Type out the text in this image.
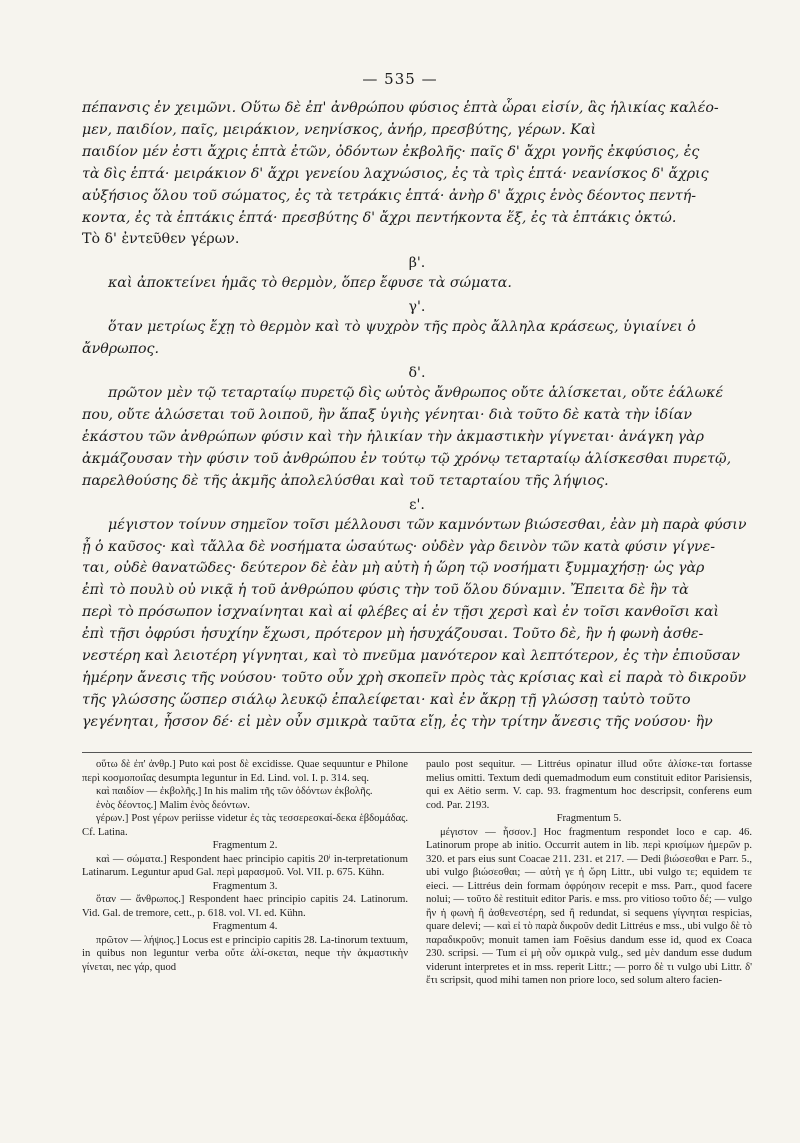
— 535 —

πέπανσις ἐν χειμῶνι. Οὕτω δὲ ἐπ' ἀνθρώπου φύσιος ἑπτὰ ὧραι εἰσίν, ἃς ἡλικίας καλέο-

μεν, παιδίον, παῖς, μειράκιον, νεηνίσκος, ἀνήρ, πρεσβύτης, γέρων. Καὶ

παιδίον μέν ἐστι ἄχρις ἑπτὰ ἐτῶν, ὀδόντων ἐκβολῆς· παῖς δ' ἄχρι γονῆς ἐκφύσιος, ἐς

τὰ δὶς ἑπτά· μειράκιον δ' ἄχρι γενείου λαχνώσιος, ἐς τὰ τρὶς ἑπτά· νεανίσκος δ' ἄχρις

αὐξήσιος ὅλου τοῦ σώματος, ἐς τὰ τετράκις ἑπτά· ἀνὴρ δ' ἄχρις ἑνὸς δέοντος πεντή-

κοντα, ἐς τὰ ἑπτάκις ἑπτά· πρεσβύτης δ' ἄχρι πεντήκοντα ἕξ, ἐς τὰ ἑπτάκις ὀκτώ.

Τὸ δ' ἐντεῦθεν γέρων.

β'.

καὶ ἀποκτείνει ἡμᾶς τὸ θερμὸν, ὅπερ ἔφυσε τὰ σώματα.

γ'.

ὅταν μετρίως ἔχῃ τὸ θερμὸν καὶ τὸ ψυχρὸν τῆς πρὸς ἄλληλα κράσεως, ὑγιαίνει ὁ

ἄνθρωπος.

δ'.

πρῶτον μὲν τῷ τεταρταίῳ πυρετῷ δὶς ωὑτὸς ἄνθρωπος οὔτε ἁλίσκεται, οὔτε ἑάλωκέ

που, οὔτε ἁλώσεται τοῦ λοιποῦ, ἢν ἅπαξ ὑγιὴς γένηται· διὰ τοῦτο δὲ κατὰ τὴν ἰδίαν

ἑκάστου τῶν ἀνθρώπων φύσιν καὶ τὴν ἡλικίαν τὴν ἀκμαστικὴν γίγνεται· ἀνάγκη γὰρ

ἀκμάζουσαν τὴν φύσιν τοῦ ἀνθρώπου ἐν τούτῳ τῷ χρόνῳ τεταρταίῳ ἁλίσκεσθαι πυρετῷ,

παρελθούσης δὲ τῆς ἀκμῆς ἀπολελύσθαι καὶ τοῦ τεταρταίου τῆς λήψιος.

ε'.

μέγιστον τοίνυν σημεῖον τοῖσι μέλλουσι τῶν καμνόντων βιώσεσθαι, ἐὰν μὴ παρὰ φύσιν

ᾖ ὁ καῦσος· καὶ τἄλλα δὲ νοσήματα ὡσαύτως· οὐδὲν γὰρ δεινὸν τῶν κατὰ φύσιν γίγνε-

ται, οὐδὲ θανατῶδες· δεύτερον δὲ ἐὰν μὴ αὐτὴ ἡ ὥρη τῷ νοσήματι ξυμμαχήσῃ· ὡς γὰρ

ἐπὶ τὸ πουλὺ οὐ νικᾷ ἡ τοῦ ἀνθρώπου φύσις τὴν τοῦ ὅλου δύναμιν. Ἔπειτα δὲ ἢν τὰ

περὶ τὸ πρόσωπον ἰσχναίνηται καὶ αἱ φλέβες αἱ ἐν τῇσι χερσὶ καὶ ἐν τοῖσι κανθοῖσι καὶ

ἐπὶ τῇσι ὀφρύσι ἡσυχίην ἔχωσι, πρότερον μὴ ἡσυχάζουσαι. Τοῦτο δὲ, ἢν ἡ φωνὴ ἀσθε-

νεστέρη καὶ λειοτέρη γίγνηται, καὶ τὸ πνεῦμα μανότερον καὶ λεπτότερον, ἐς τὴν ἐπιοῦσαν

ἡμέρην ἄνεσις τῆς νούσου· τοῦτο οὖν χρὴ σκοπεῖν πρὸς τὰς κρίσιας καὶ εἰ παρὰ τὸ δικροῦν

τῆς γλώσσης ὥσπερ σιάλῳ λευκῷ ἐπαλείφεται· καὶ ἐν ἄκρῃ τῇ γλώσσῃ ταὐτὸ τοῦτο

γεγένηται, ἧσσον δέ· εἰ μὲν οὖν σμικρὰ ταῦτα εἴῃ, ἐς τὴν τρίτην ἄνεσις τῆς νούσου· ἢν

οὕτω δὲ ἐπ' ἀνθρ.] Puto καὶ post δὲ excidisse. Quae sequuntur e Philone περὶ κοσμοποιΐας desumpta leguntur in Ed. Lind. vol. I. p. 314. seq.

καὶ παιδίον — ἐκβολῆς.] In his malim τῆς τῶν ὀδόντων ἐκβολῆς.

ἑνὸς δέοντος.] Malim ἑνὸς δεόντων.

γέρων.] Post γέρων periisse videtur ἐς τὰς τεσσερεσκαί-δεκα ἑβδομάδας. Cf. Latina.

Fragmentum 2.

καὶ — σώματα.] Respondent haec principio capitis 20ⁱ in-terpretationum Latinarum. Leguntur apud Gal. περὶ μαρασμοῦ. Vol. VII. p. 675. Kühn.

Fragmentum 3.

ὅταν — ἄνθρωπος.] Respondent haec principio capitis 24. Latinorum. Vid. Gal. de tremore, cett., p. 618. vol. VI. ed. Kühn.

Fragmentum 4.

πρῶτον — λήψιος.] Locus est e principio capitis 28. La-tinorum textuum, in quibus non leguntur verba οὔτε ἁλί-σκεται, neque τὴν ἀκμαστικὴν γίνεται, nec γάρ, quod

paulo post sequitur. — Littréus opinatur illud οὔτε ἁλίσκε-ται fortasse melius omitti. Textum dedi quemadmodum eum constituit editor Parisiensis, qui ex Aëtio serm. V. cap. 93. fragmentum hoc descripsit, conferens eum cod. Par. 2193.

Fragmentum 5.

μέγιστον — ἧσσον.] Hoc fragmentum respondet loco e cap. 46. Latinorum prope ab initio. Occurrit autem in lib. περὶ κρισίμων ἡμερῶν p. 320. et pars eius sunt Coacae 211. 231. et 217. — Dedi βιώσεσθαι e Parr. 5., ubi vulgo βιώσεσθαι; — αὐτὴ γε ἡ ὥρη Littr., ubi vulgo τε; equidem τε eieci. — Littréus dein formam ὀφρύησιν recepit e mss. Parr., quod facere nolui; — τοῦτο δὲ restituit editor Paris. e mss. pro vitioso τοῦτο δέ; — vulgo ἢν ἡ φωνὴ ἢ ἀσθενεστέρη, sed ἢ redundat, si sequens γίγνηται respicias, quare delevi; — καὶ εἰ τὸ παρὰ δικροῦν dedit Littréus e mss., ubi vulgo δὲ τὸ παραδικροῦν; monuit tamen iam Foësius dandum esse id, quod ex Coaca 230. scripsi. — Tum εἰ μὴ οὖν σμικρὰ vulg., sed μὲν dandum esse dudum viderunt interpretes et in mss. reperit Littr.; — porro δὲ τι vulgo ubi Littr. δ' ἔτι scripsit, quod mihi tamen non priore loco, sed solum altero facien-
